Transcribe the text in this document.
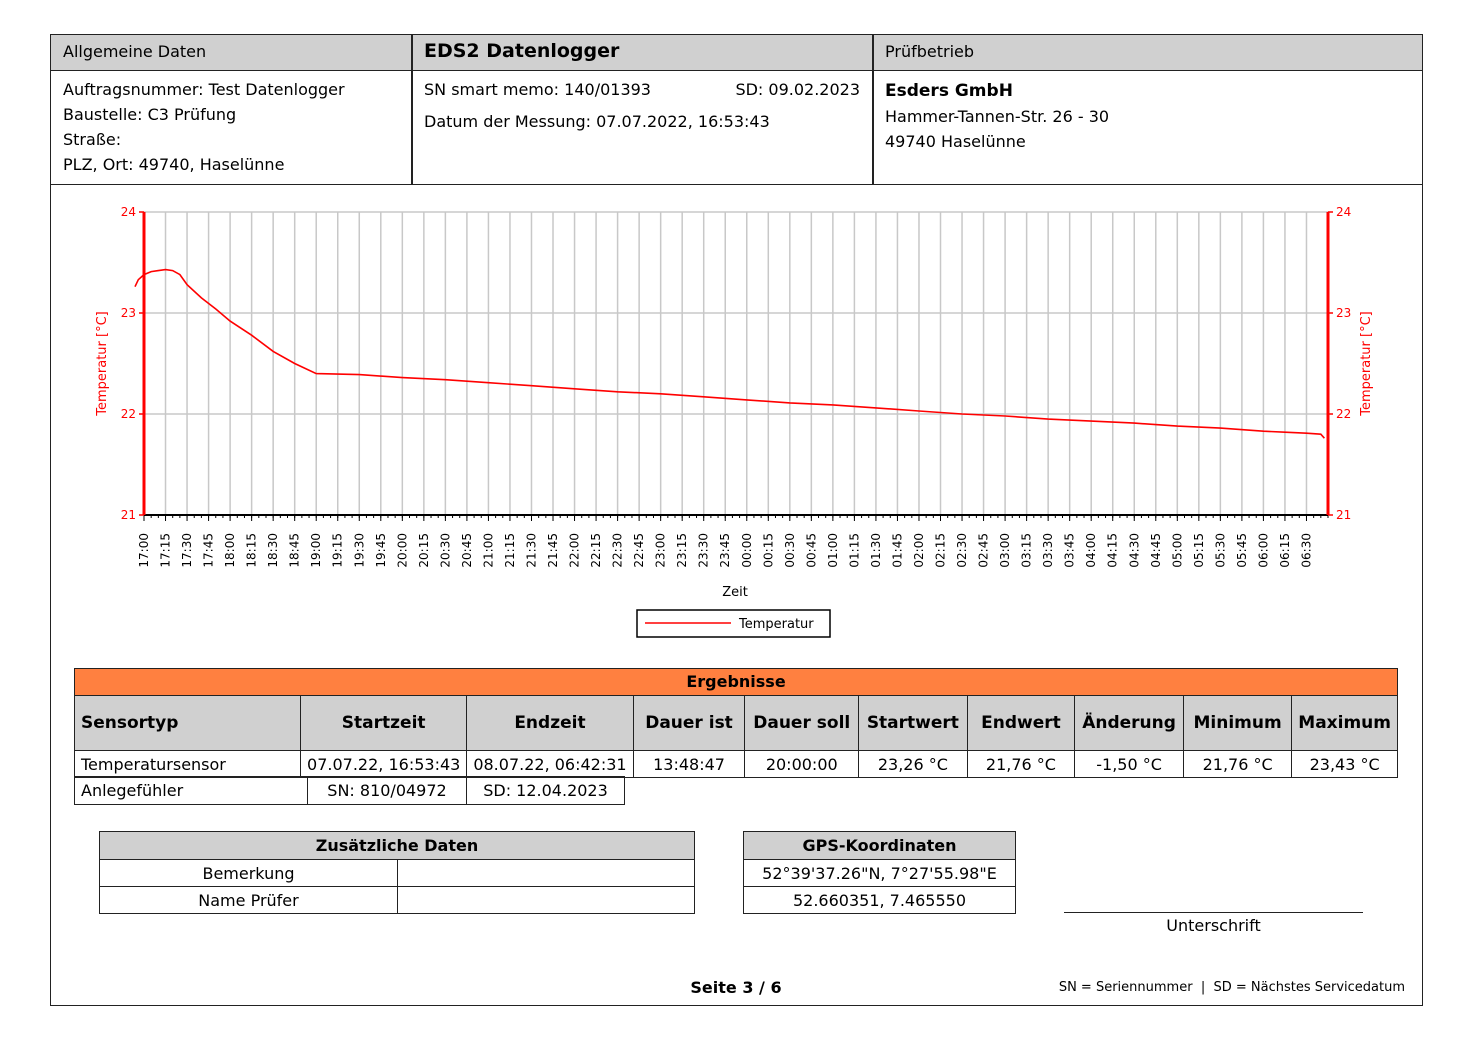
Allgemeine Daten	EDS2 Datenlogger	Prüfbetrieb
Auftragsnummer: Test Datenlogger
Baustelle: C3 Prüfung
Straße:
PLZ, Ort: 49740, Haselünne
SN smart memo: 140/01393	SD: 09.02.2023
Datum der Messung: 07.07.2022, 16:53:43
Esders GmbH
Hammer-Tannen-Str. 26 - 30
49740 Haselünne
17:00 17:15 17:30 17:45 18:00 18:15 18:30 18:45 19:00 19:15 19:30 19:45 20:00 20:15 20:30 20:45 21:00 21:15 21:30 21:45 22:00 22:15 22:30 22:45 23:00 23:15 23:30 23:45 00:00 00:15 00:30 00:45 01:00 01:15 01:30 01:45 02:00 02:15 02:30 02:45 03:00 03:15 03:30 03:45 04:00 04:15 04:30 04:45 05:00 05:15 05:30 05:45 06:00 06:15 06:30
21	21
22	22
23	23
24	24
Temperatur [°C]	Temperatur [°C]
Zeit
Temperatur
Ergebnisse
Sensortyp	Startzeit	Endzeit	Dauer ist	Dauer soll	Startwert	Endwert	Änderung	Minimum	Maximum
Temperatursensor	07.07.22, 16:53:43	08.07.22, 06:42:31	13:48:47	20:00:00	23,26 °C	21,76 °C	-1,50 °C	21,76 °C	23,43 °C
Anlegefühler	SN: 810/04972	SD: 12.04.2023
Zusätzliche Daten	
Bemerkung	
Name Prüfer	
GPS-Koordinaten
52°39'37.26"N, 7°27'55.98"E
52.660351, 7.465550
Unterschrift
Seite 3 / 6	SN = Seriennummer  |  SD = Nächstes Servicedatum
